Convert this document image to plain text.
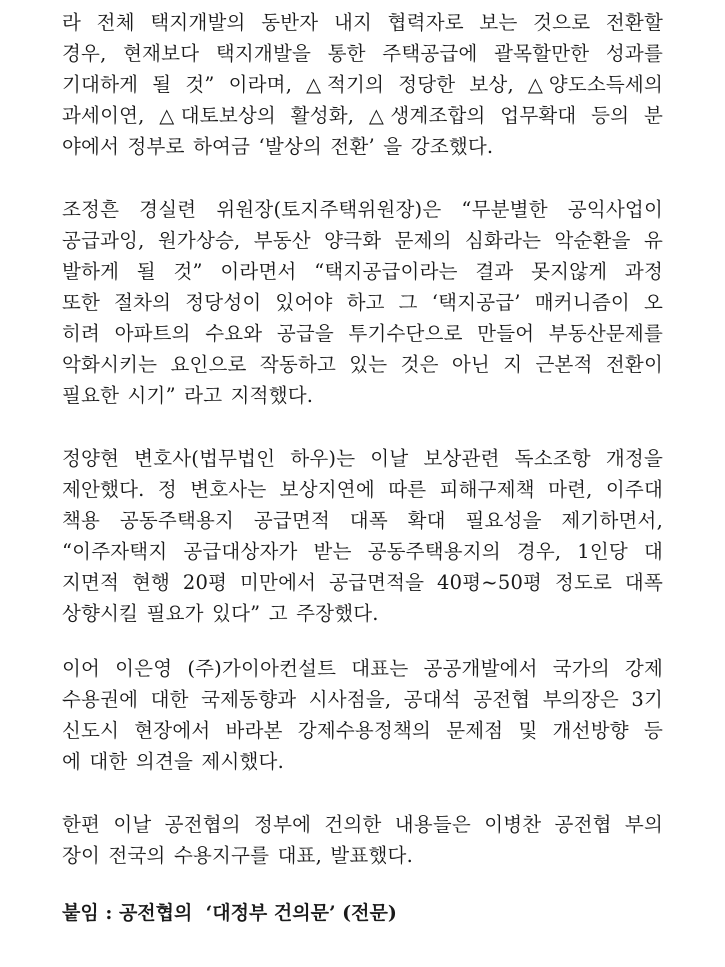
라 전체 택지개발의 동반자 내지 협력자로 보는 것으로 전환할
경우, 현재보다 택지개발을 통한 주택공급에 괄목할만한 성과를
기대하게 될 것” 이라며, △적기의 정당한 보상, △양도소득세의
과세이연, △대토보상의 활성화, △생계조합의 업무확대 등의 분
야에서 정부로 하여금 ‘발상의 전환’ 을 강조했다.
조정흔 경실련 위원장(토지주택위원장)은 “무분별한 공익사업이
공급과잉, 원가상승, 부동산 양극화 문제의 심화라는 악순환을 유
발하게 될 것” 이라면서 “택지공급이라는 결과 못지않게 과정
또한 절차의 정당성이 있어야 하고 그 ‘택지공급’ 매커니즘이 오
히려 아파트의 수요와 공급을 투기수단으로 만들어 부동산문제를
악화시키는 요인으로 작동하고 있는 것은 아닌 지 근본적 전환이
필요한 시기” 라고 지적했다.
정양현 변호사(법무법인 하우)는 이날 보상관련 독소조항 개정을
제안했다. 정 변호사는 보상지연에 따른 피해구제책 마련, 이주대
책용 공동주택용지 공급면적 대폭 확대 필요성을 제기하면서,
“이주자택지 공급대상자가 받는 공동주택용지의 경우, 1인당 대
지면적 현행 20평 미만에서 공급면적을 40평~50평 정도로 대폭
상향시킬 필요가 있다” 고 주장했다.
이어 이은영 (주)가이아컨설트 대표는 공공개발에서 국가의 강제
수용권에 대한 국제동향과 시사점을, 공대석 공전협 부의장은 3기
신도시 현장에서 바라본 강제수용정책의 문제점 및 개선방향 등
에 대한 의견을 제시했다.
한편 이날 공전협의 정부에 건의한 내용들은 이병찬 공전협 부의
장이 전국의 수용지구를 대표, 발표했다.
붙임 : 공전협의  ‘대정부 건의문’ (전문)
